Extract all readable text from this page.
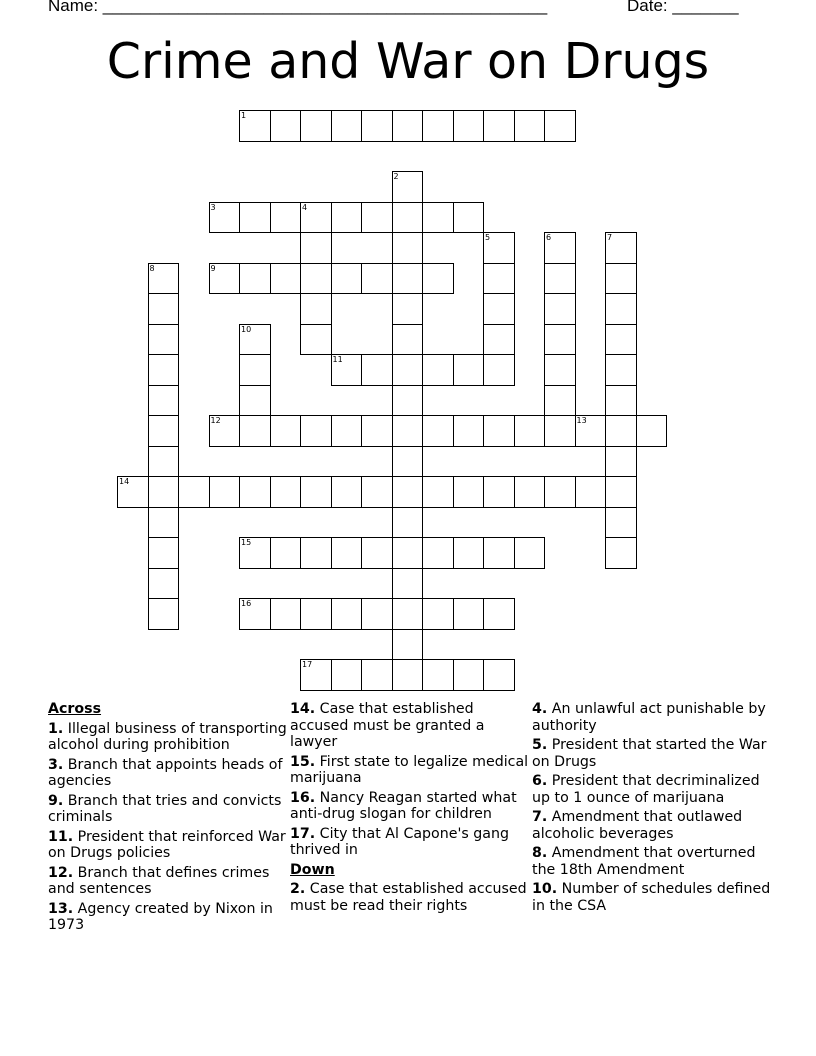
Name: _______________________________________________	Date: _______
Crime and War on Drugs
1
2
3	4
5	6	7
8	9
10
11
12	13
14
15
16
17
Across
1. Illegal business of transporting alcohol during prohibition
3. Branch that appoints heads of agencies
9. Branch that tries and convicts criminals
11. President that reinforced War on Drugs policies
12. Branch that defines crimes and sentences
13. Agency created by Nixon in 1973
14. Case that established accused must be granted a lawyer
15. First state to legalize medical marijuana
16. Nancy Reagan started what anti-drug slogan for children
17. City that Al Capone's gang thrived in
Down
2. Case that established accused must be read their rights
4. An unlawful act punishable by authority
5. President that started the War on Drugs
6. President that decriminalized up to 1 ounce of marijuana
7. Amendment that outlawed alcoholic beverages
8. Amendment that overturned the 18th Amendment
10. Number of schedules defined in the CSA
